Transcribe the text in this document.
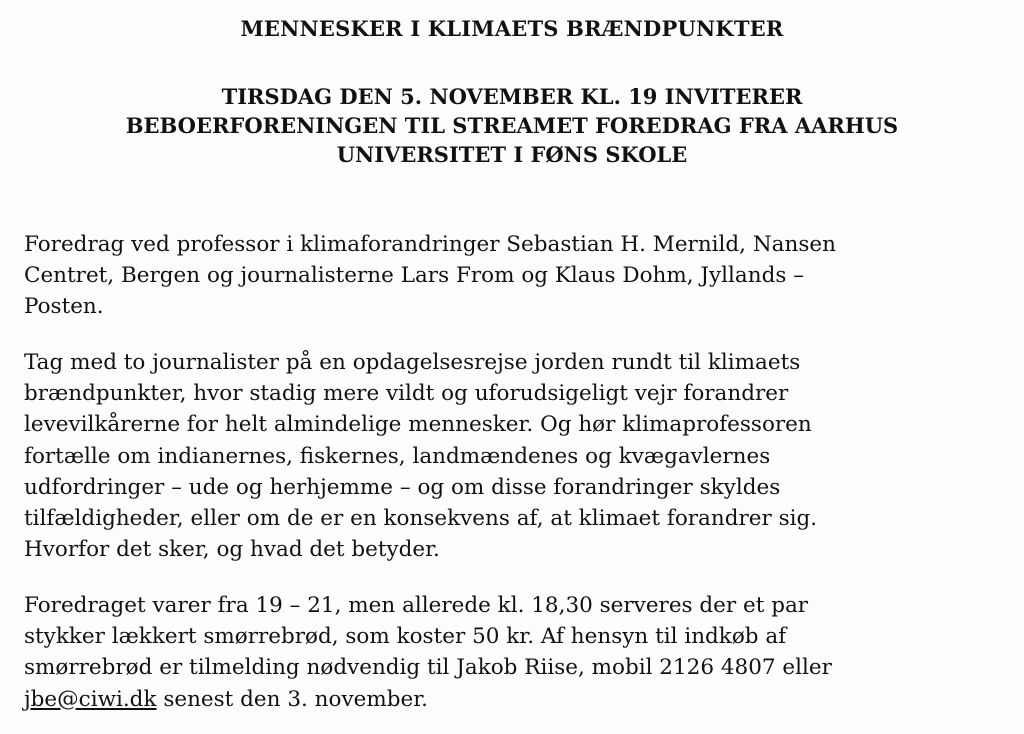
MENNESKER I KLIMAETS BRÆNDPUNKTER
TIRSDAG DEN 5. NOVEMBER KL. 19 INVITERER
BEBOERFORENINGEN TIL STREAMET FOREDRAG FRA AARHUS
UNIVERSITET I FØNS SKOLE
Foredrag ved professor i klimaforandringer Sebastian H. Mernild, Nansen
Centret, Bergen og journalisterne Lars From og Klaus Dohm, Jyllands –
Posten.
Tag med to journalister på en opdagelsesrejse jorden rundt til klimaets
brændpunkter, hvor stadig mere vildt og uforudsigeligt vejr forandrer
levevilkårerne for helt almindelige mennesker. Og hør klimaprofessoren
fortælle om indianernes, fiskernes, landmændenes og kvægavlernes
udfordringer – ude og herhjemme – og om disse forandringer skyldes
tilfældigheder, eller om de er en konsekvens af, at klimaet forandrer sig.
Hvorfor det sker, og hvad det betyder.
Foredraget varer fra 19 – 21, men allerede kl. 18,30 serveres der et par
stykker lækkert smørrebrød, som koster 50 kr. Af hensyn til indkøb af
smørrebrød er tilmelding nødvendig til Jakob Riise, mobil 2126 4807 eller
jbe@ciwi.dk senest den 3. november.
